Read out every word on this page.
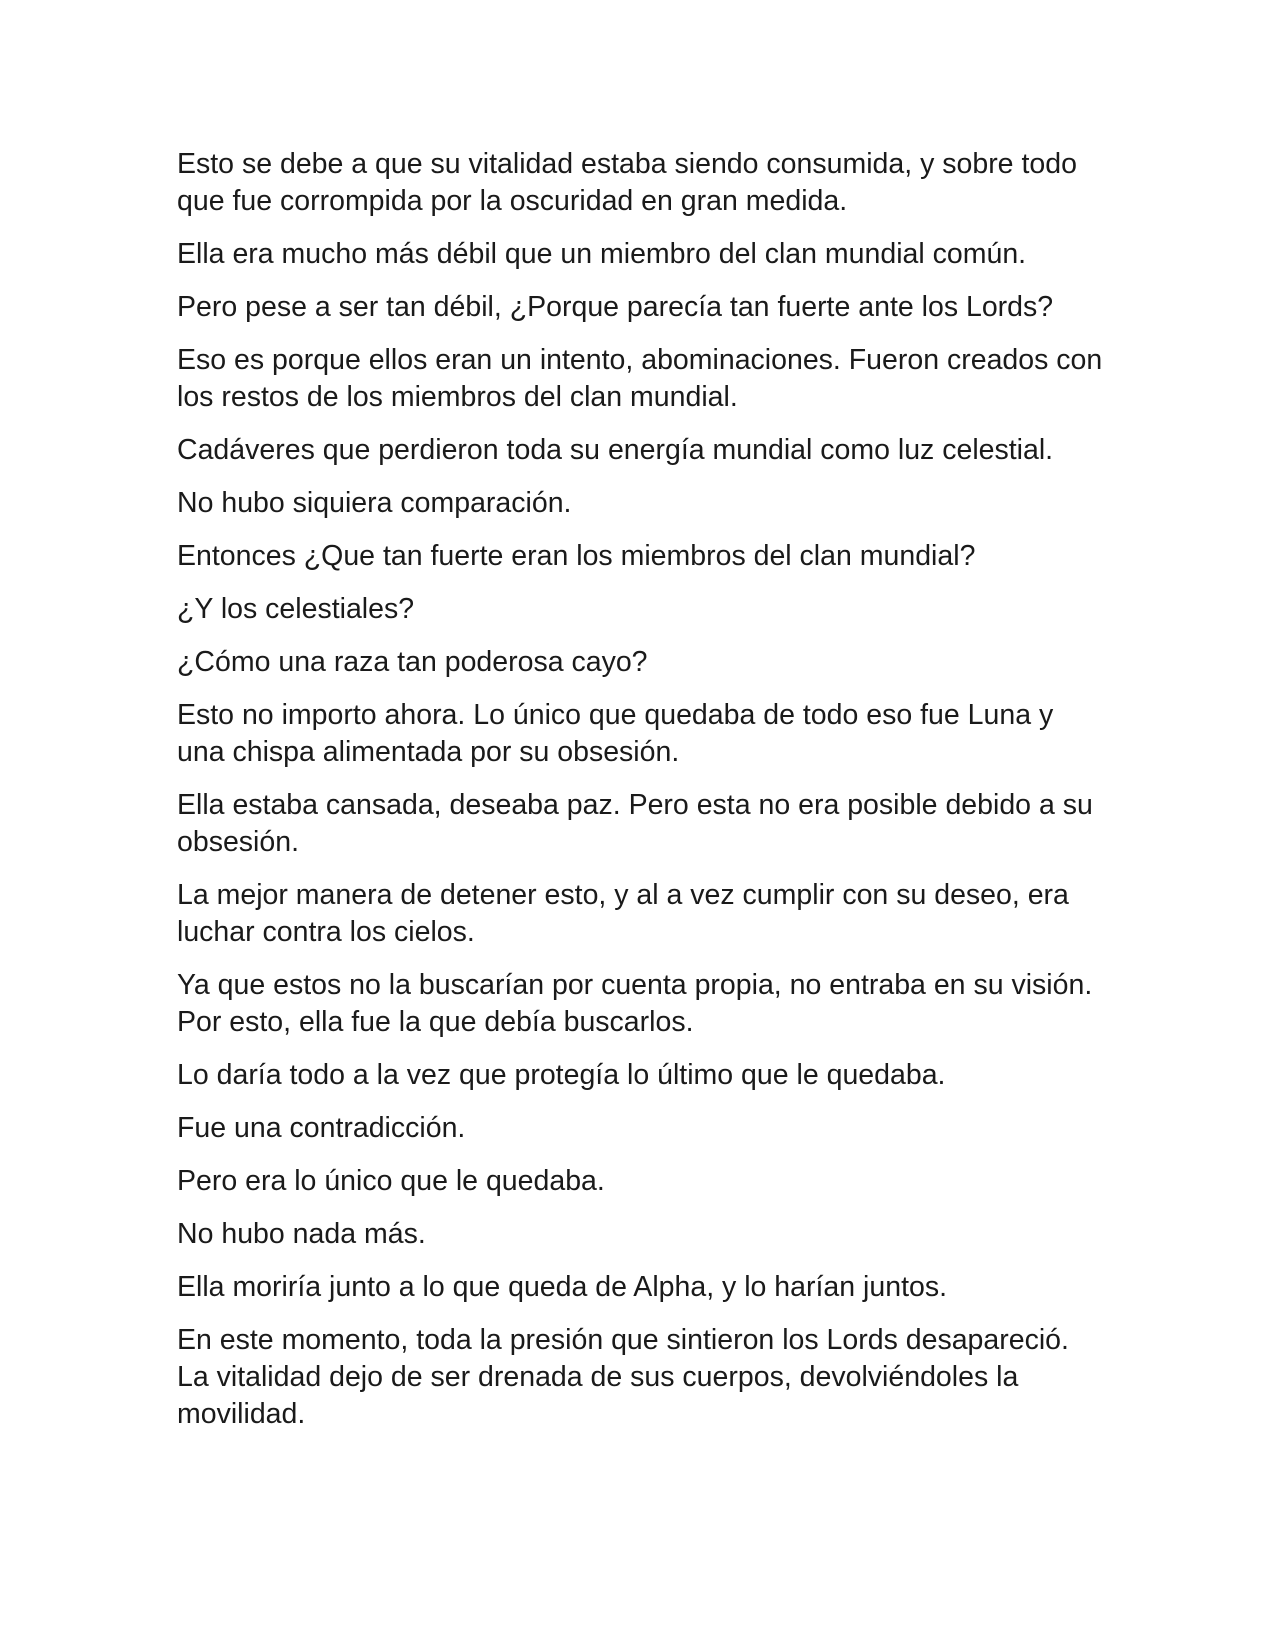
Esto se debe a que su vitalidad estaba siendo consumida, y sobre todo que fue corrompida por la oscuridad en gran medida.

Ella era mucho más débil que un miembro del clan mundial común.

Pero pese a ser tan débil, ¿Porque parecía tan fuerte ante los Lords?

Eso es porque ellos eran un intento, abominaciones. Fueron creados con los restos de los miembros del clan mundial.

Cadáveres que perdieron toda su energía mundial como luz celestial.

No hubo siquiera comparación.

Entonces ¿Que tan fuerte eran los miembros del clan mundial?

¿Y los celestiales?

¿Cómo una raza tan poderosa cayo?

Esto no importo ahora. Lo único que quedaba de todo eso fue Luna y una chispa alimentada por su obsesión.

Ella estaba cansada, deseaba paz. Pero esta no era posible debido a su obsesión.

La mejor manera de detener esto, y al a vez cumplir con su deseo, era luchar contra los cielos.

Ya que estos no la buscarían por cuenta propia, no entraba en su visión. Por esto, ella fue la que debía buscarlos.

Lo daría todo a la vez que protegía lo último que le quedaba.

Fue una contradicción.

Pero era lo único que le quedaba.

No hubo nada más.

Ella moriría junto a lo que queda de Alpha, y lo harían juntos.

En este momento, toda la presión que sintieron los Lords desapareció. La vitalidad dejo de ser drenada de sus cuerpos, devolviéndoles la movilidad.
